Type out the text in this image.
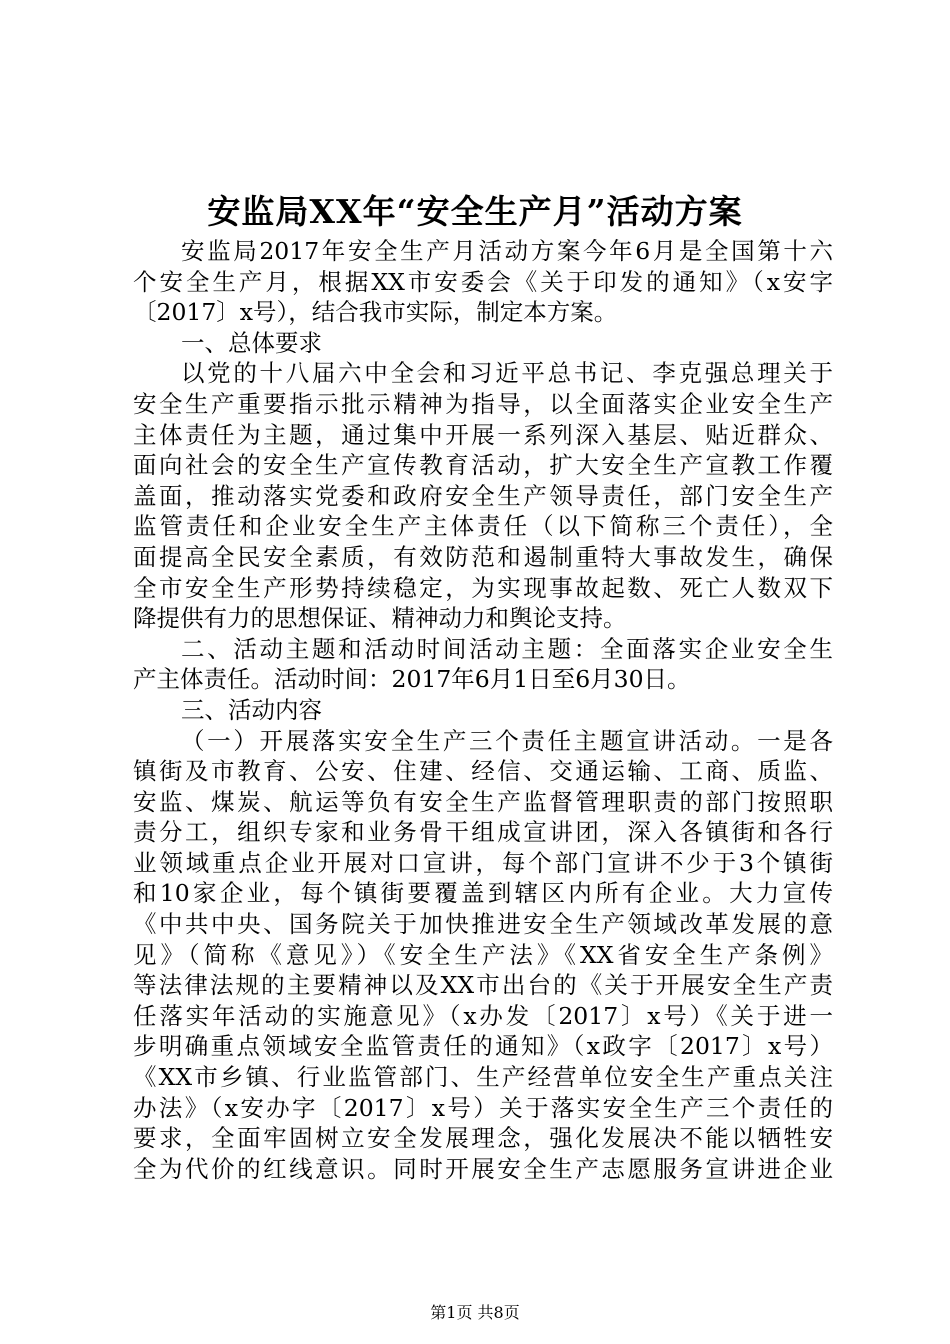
安监局XX年“安全生产月”活动方案
安监局2017年安全生产月活动方案今年6月是全国第十六
个安全生产月，根据XX市安委会《关于印发的通知》（x安字
〔2017〕x号），结合我市实际，制定本方案。
一、总体要求
以党的十八届六中全会和习近平总书记、李克强总理关于
安全生产重要指示批示精神为指导，以全面落实企业安全生产
主体责任为主题，通过集中开展一系列深入基层、贴近群众、
面向社会的安全生产宣传教育活动，扩大安全生产宣教工作覆
盖面，推动落实党委和政府安全生产领导责任，部门安全生产
监管责任和企业安全生产主体责任（以下简称三个责任），全
面提高全民安全素质，有效防范和遏制重特大事故发生，确保
全市安全生产形势持续稳定，为实现事故起数、死亡人数双下
降提供有力的思想保证、精神动力和舆论支持。
二、活动主题和活动时间活动主题：全面落实企业安全生
产主体责任。活动时间：2017年6月1日至6月30日。
三、活动内容
（一）开展落实安全生产三个责任主题宣讲活动。一是各
镇街及市教育、公安、住建、经信、交通运输、工商、质监、
安监、煤炭、航运等负有安全生产监督管理职责的部门按照职
责分工，组织专家和业务骨干组成宣讲团，深入各镇街和各行
业领域重点企业开展对口宣讲，每个部门宣讲不少于3个镇街
和10家企业，每个镇街要覆盖到辖区内所有企业。大力宣传
《中共中央、国务院关于加快推进安全生产领域改革发展的意
见》（简称《意见》）《安全生产法》《XX省安全生产条例》
等法律法规的主要精神以及XX市出台的《关于开展安全生产责
任落实年活动的实施意见》（x办发〔2017〕x号）《关于进一
步明确重点领域安全监管责任的通知》（x政字〔2017〕x号）
《XX市乡镇、行业监管部门、生产经营单位安全生产重点关注
办法》（x安办字〔2017〕x号）关于落实安全生产三个责任的
要求，全面牢固树立安全发展理念，强化发展决不能以牺牲安
全为代价的红线意识。同时开展安全生产志愿服务宣讲进企业
第1页 共8页
